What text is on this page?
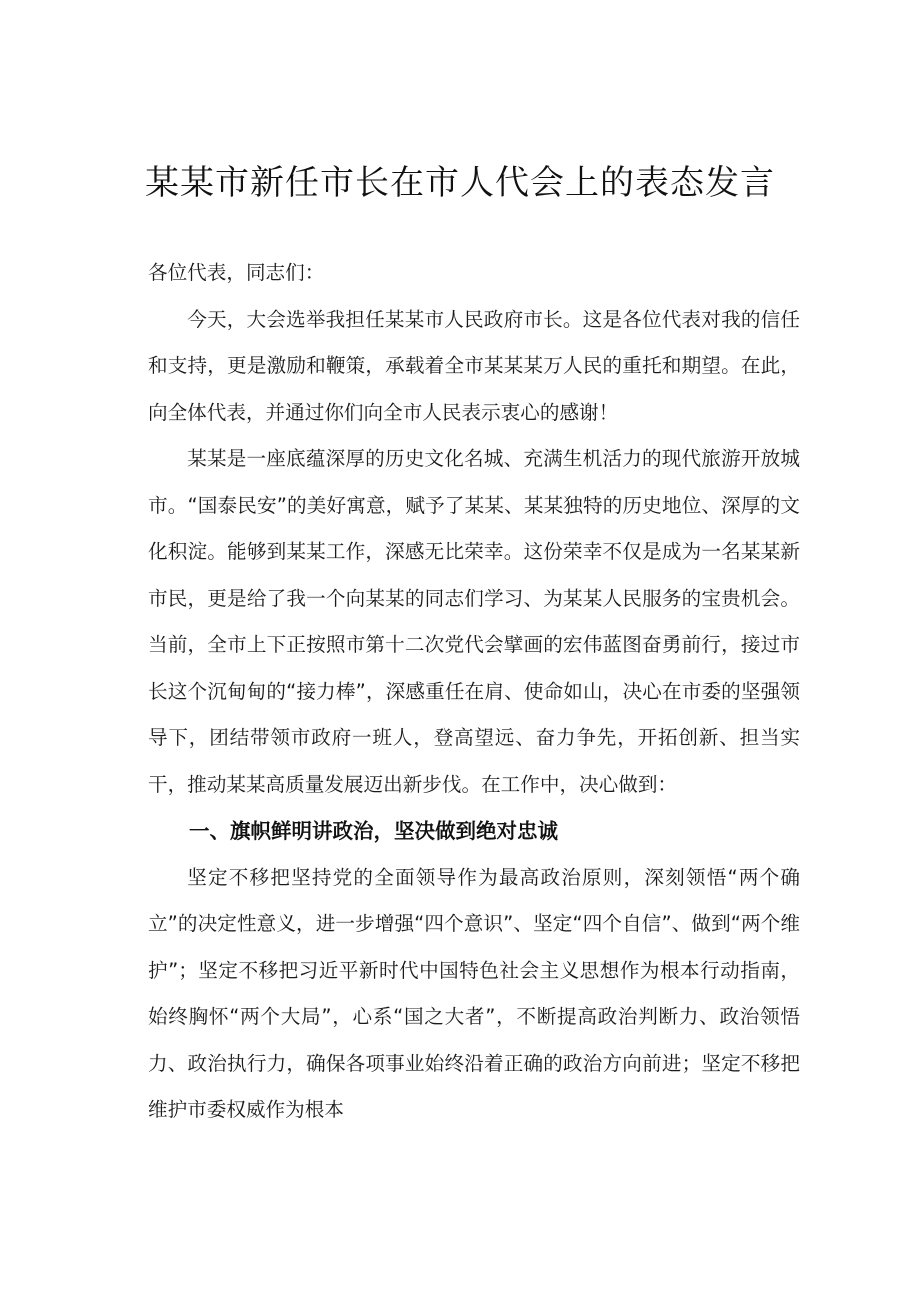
某某市新任市长在市人代会上的表态发言

各位代表，同志们：

今天，大会选举我担任某某市人民政府市长。这是各位代表对我的信任和支持，更是激励和鞭策，承载着全市某某某万人民的重托和期望。在此，向全体代表，并通过你们向全市人民表示衷心的感谢！

某某是一座底蕴深厚的历史文化名城、充满生机活力的现代旅游开放城市。“国泰民安”的美好寓意，赋予了某某、某某独特的历史地位、深厚的文化积淀。能够到某某工作，深感无比荣幸。这份荣幸不仅是成为一名某某新市民，更是给了我一个向某某的同志们学习、为某某人民服务的宝贵机会。当前，全市上下正按照市第十二次党代会擘画的宏伟蓝图奋勇前行，接过市长这个沉甸甸的“接力棒”，深感重任在肩、使命如山，决心在市委的坚强领导下，团结带领市政府一班人，登高望远、奋力争先，开拓创新、担当实干，推动某某高质量发展迈出新步伐。在工作中，决心做到：

一、旗帜鲜明讲政治，坚决做到绝对忠诚

坚定不移把坚持党的全面领导作为最高政治原则，深刻领悟“两个确立”的决定性意义，进一步增强“四个意识”、坚定“四个自信”、做到“两个维护”；坚定不移把习近平新时代中国特色社会主义思想作为根本行动指南，始终胸怀“两个大局”，心系“国之大者”，不断提高政治判断力、政治领悟力、政治执行力，确保各项事业始终沿着正确的政治方向前进；坚定不移把维护市委权威作为根本
